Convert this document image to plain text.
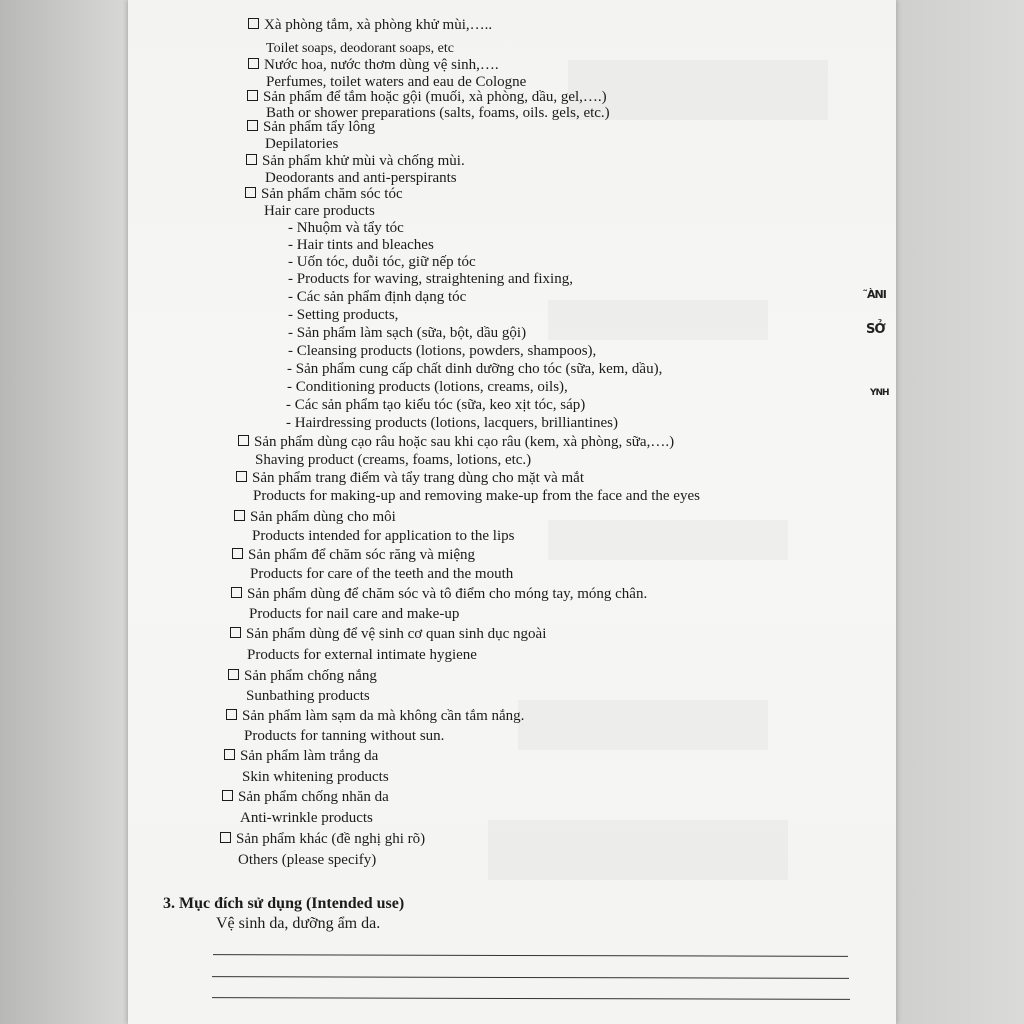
Xà phòng tắm, xà phòng khử mùi,…..
Toilet soaps, deodorant soaps, etc
Nước hoa, nước thơm dùng vệ sinh,….
Perfumes, toilet waters and eau de Cologne
Sản phẩm để tắm hoặc gội (muối, xà phòng, dầu, gel,….)
Bath or shower preparations (salts, foams, oils. gels, etc.)
Sản phẩm tẩy lông
Depilatories
Sản phẩm khử mùi và chống mùi.
Deodorants and anti-perspirants
Sản phẩm chăm sóc tóc
Hair care products
- Nhuộm và tẩy tóc
- Hair tints and bleaches
- Uốn tóc, duỗi tóc, giữ nếp tóc
- Products for waving, straightening and fixing,
- Các sản phẩm định dạng tóc
- Setting products,
- Sản phẩm làm sạch (sữa, bột, dầu gội)
- Cleansing products (lotions, powders, shampoos),
- Sản phẩm cung cấp chất dinh dưỡng cho tóc (sữa, kem, dầu),
- Conditioning products (lotions, creams, oils),
- Các sản phẩm tạo kiểu tóc (sữa, keo xịt tóc, sáp)
- Hairdressing products (lotions, lacquers, brilliantines)
Sản phẩm dùng cạo râu hoặc sau khi cạo râu (kem, xà phòng, sữa,….)
Shaving product (creams, foams, lotions, etc.)
Sản phẩm trang điểm và tẩy trang dùng cho mặt và mắt
Products for making-up and removing make-up from the face and the eyes
Sản phẩm dùng cho môi
Products intended for application to the lips
Sản phẩm để chăm sóc răng và miệng
Products for care of the teeth and the mouth
Sản phẩm dùng để chăm sóc và tô điểm cho móng tay, móng chân.
Products for nail care and make-up
Sản phẩm dùng để vệ sinh cơ quan sinh dục ngoài
Products for external intimate hygiene
Sản phẩm chống nắng
Sunbathing products
Sản phẩm làm sạm da mà không cần tắm nắng.
Products for tanning without sun.
Sản phẩm làm trắng da
Skin whitening products
Sản phẩm chống nhăn da
Anti-wrinkle products
Sản phẩm khác (đề nghị ghi rõ)
Others (please specify)
3. Mục đích sử dụng (Intended use)
Vệ sinh da, dưỡng ẩm da.
̃ÀNI
SỞ
YNH
